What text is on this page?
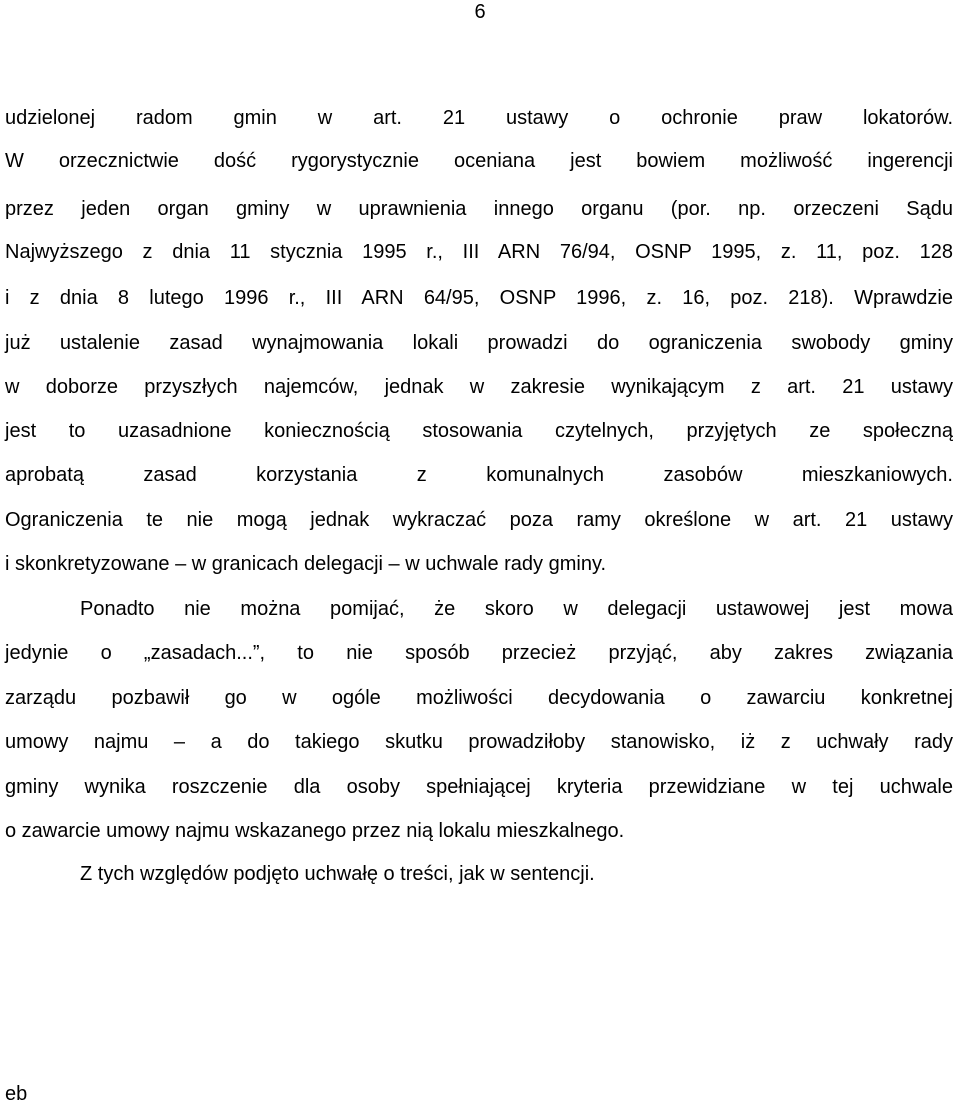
6
udzielonej radom gmin w art. 21 ustawy o ochronie praw lokatorów.
W orzecznictwie dość rygorystycznie oceniana jest bowiem możliwość ingerencji
przez jeden organ gminy w uprawnienia innego organu (por. np. orzeczeni Sądu
Najwyższego z dnia 11 stycznia 1995 r., III ARN 76/94, OSNP 1995, z. 11, poz. 128
i z dnia 8 lutego 1996 r., III ARN 64/95, OSNP 1996, z. 16, poz. 218). Wprawdzie
już ustalenie zasad wynajmowania lokali prowadzi do ograniczenia swobody gminy
w doborze przyszłych najemców, jednak w zakresie wynikającym z art. 21 ustawy
jest to uzasadnione koniecznością stosowania czytelnych, przyjętych ze społeczną
aprobatą zasad korzystania z komunalnych zasobów mieszkaniowych.
Ograniczenia te nie mogą jednak wykraczać poza ramy określone w art. 21 ustawy
i skonkretyzowane – w granicach delegacji – w uchwale rady gminy.
Ponadto nie można pomijać, że skoro w delegacji ustawowej jest mowa
jedynie o „zasadach...”, to nie sposób przecież przyjąć, aby zakres związania
zarządu pozbawił go w ogóle możliwości decydowania o zawarciu konkretnej
umowy najmu – a do takiego skutku prowadziłoby stanowisko, iż z uchwały rady
gminy wynika roszczenie dla osoby spełniającej kryteria przewidziane w tej uchwale
o zawarcie umowy najmu wskazanego przez nią lokalu mieszkalnego.
Z tych względów podjęto uchwałę o treści, jak w sentencji.
eb
